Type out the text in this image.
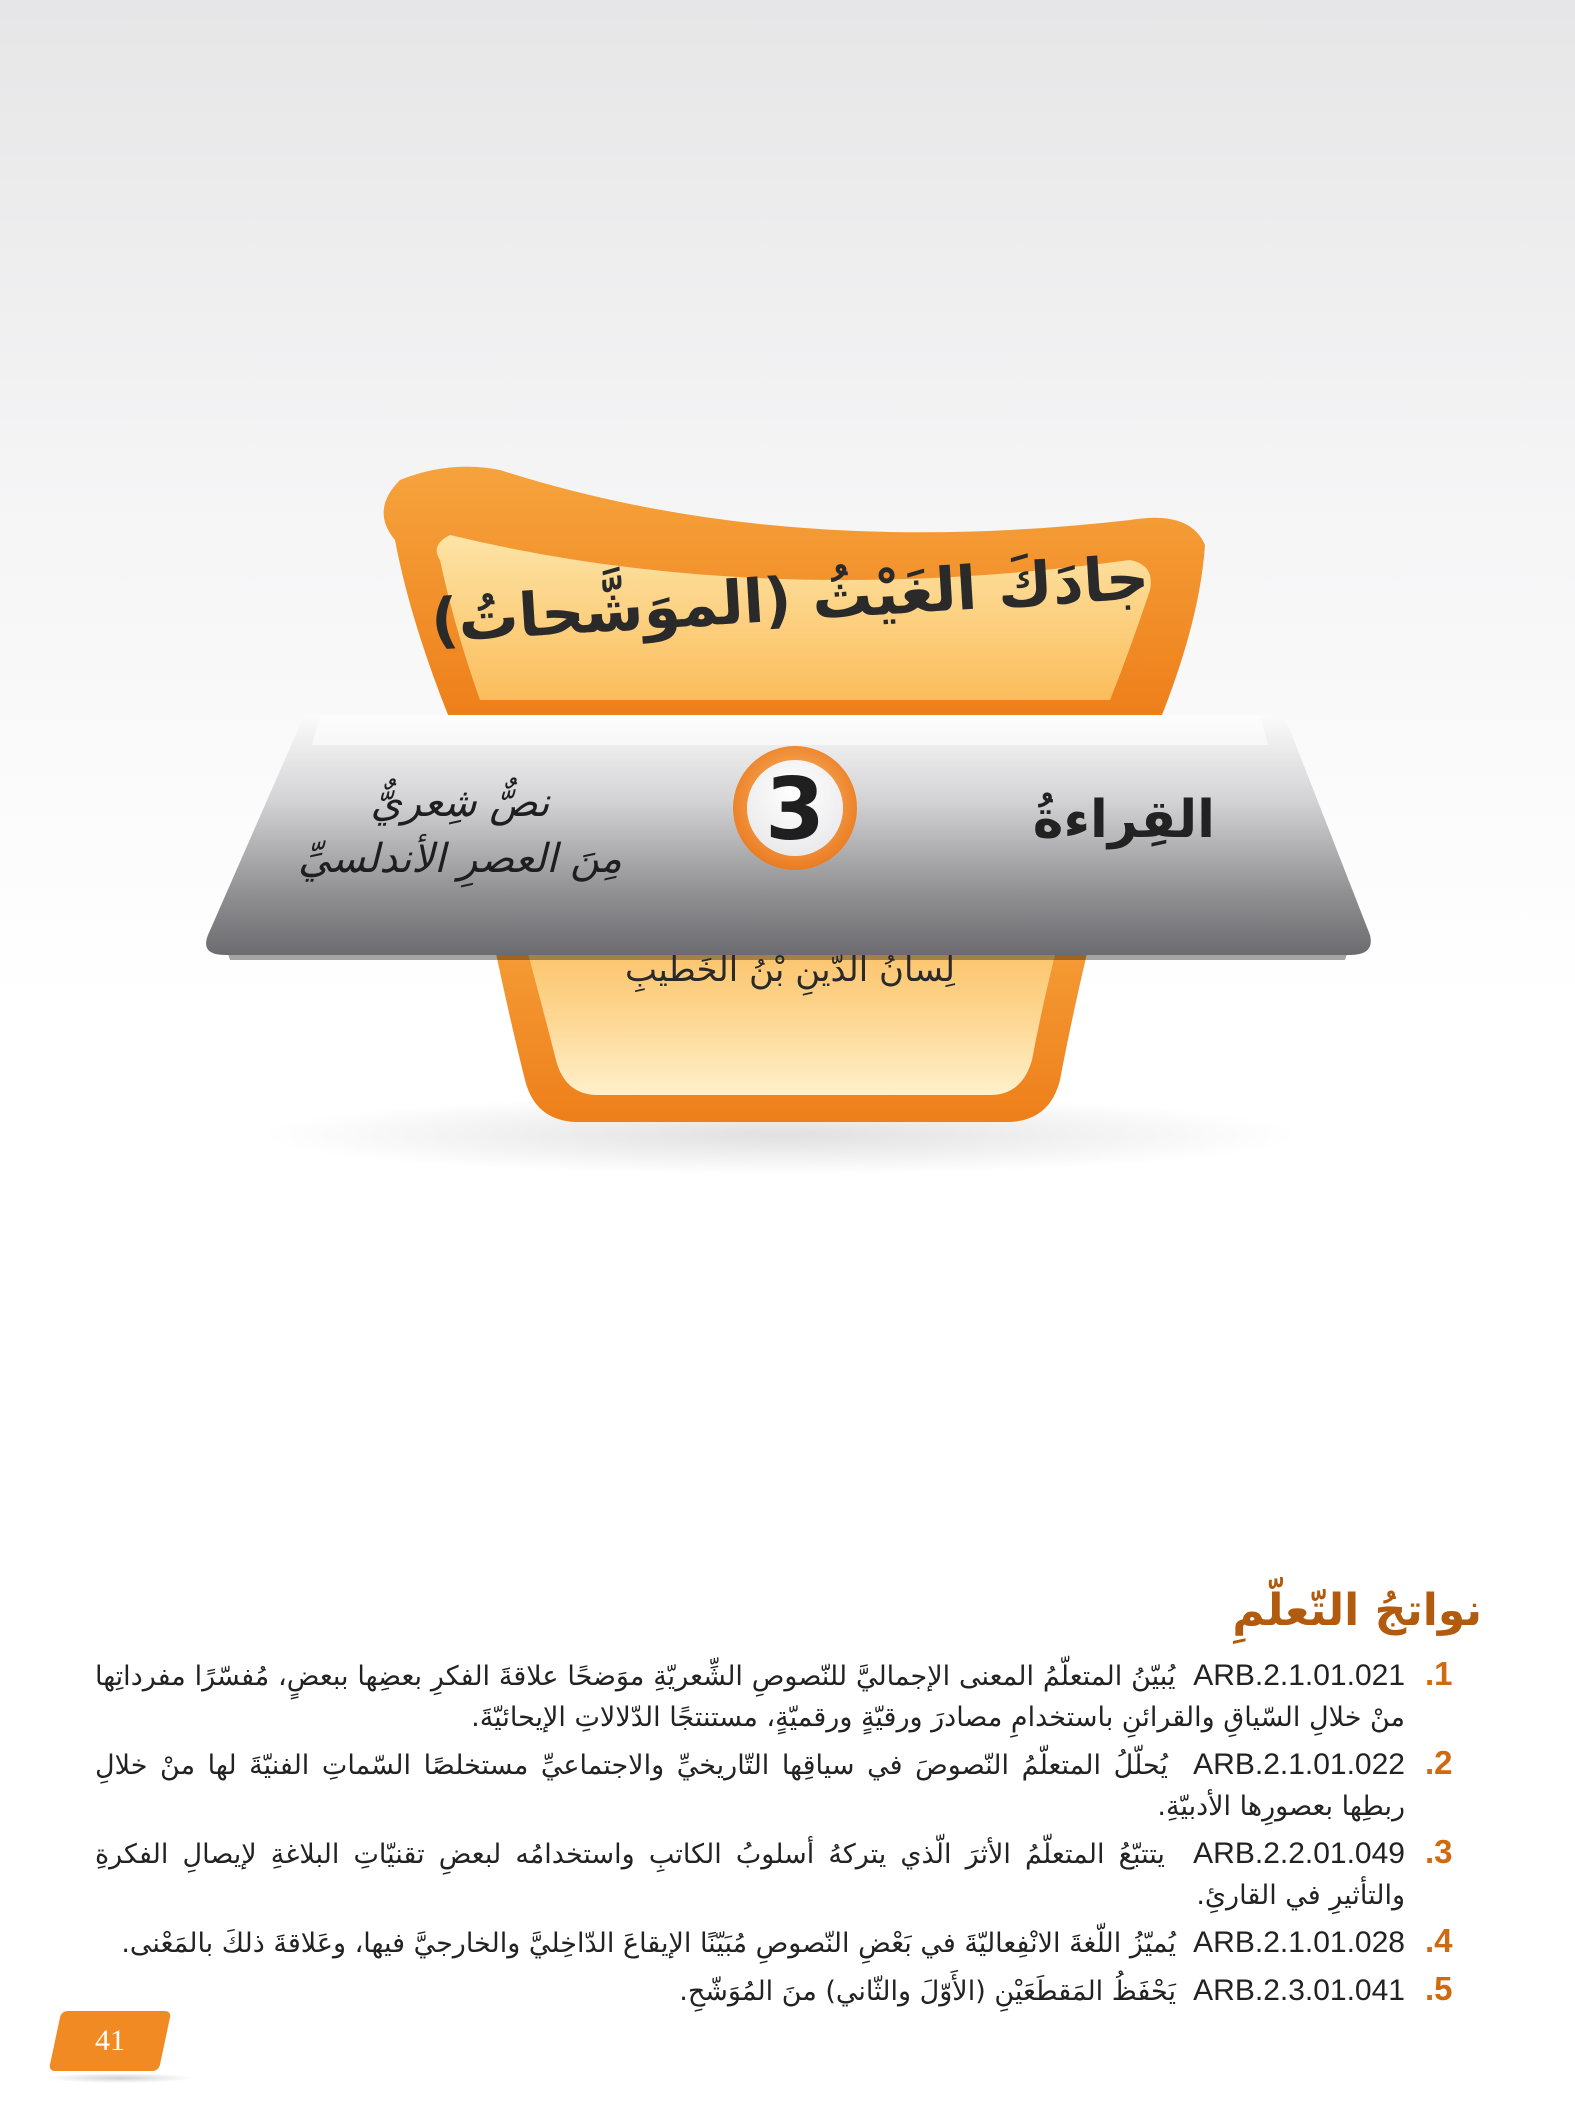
جادَكَ الغَيْثُ (الموَشَّحاتُ)
القِراءةُ
3
نصٌّ شِعريٌّ
مِنَ العصرِ الأندلسيِّ
لِسانُ الدّينِ بْنُ الخَطيبِ
نواتجُ التّعلّمِ
.1
ARB.2.1.01.021  يُبيّنُ المتعلّمُ المعنى الإجماليَّ للنّصوصِ الشِّعريّةِ موَضحًا علاقةَ الفكرِ بعضِها ببعضٍ، مُفسّرًا مفرداتِها منْ خلالِ السّياقِ والقرائنِ باستخدامِ مصادرَ ورقيّةٍ ورقميّةٍ، مستنتجًا الدّلالاتِ الإيحائيّةَ.
.2
ARB.2.1.01.022  يُحلّلُ المتعلّمُ النّصوصَ في سياقِها التّاريخيِّ والاجتماعيِّ مستخلصًا السّماتِ الفنيّةَ لها منْ خلالِ ربطِها بعصورِها الأدبيّةِ.
.3
ARB.2.2.01.049  يتتبّعُ المتعلّمُ الأثرَ الّذي يتركهُ أسلوبُ الكاتبِ واستخدامُه لبعضِ تقنيّاتِ البلاغةِ لإيصالِ الفكرةِ والتأثيرِ في القارئِ.
.4
ARB.2.1.01.028  يُميّزُ اللّغةَ الانْفِعاليّةَ في بَعْضِ النّصوصِ مُبَيّنًا الإيقاعَ الدّاخِليَّ والخارجيَّ فيها، وعَلاقةَ ذلكَ بالمَعْنى.
.5
ARB.2.3.01.041  يَحْفَظُ المَقطَعَيْنِ (الأَوّلَ والثّاني) منَ المُوَشّحِ.
41
